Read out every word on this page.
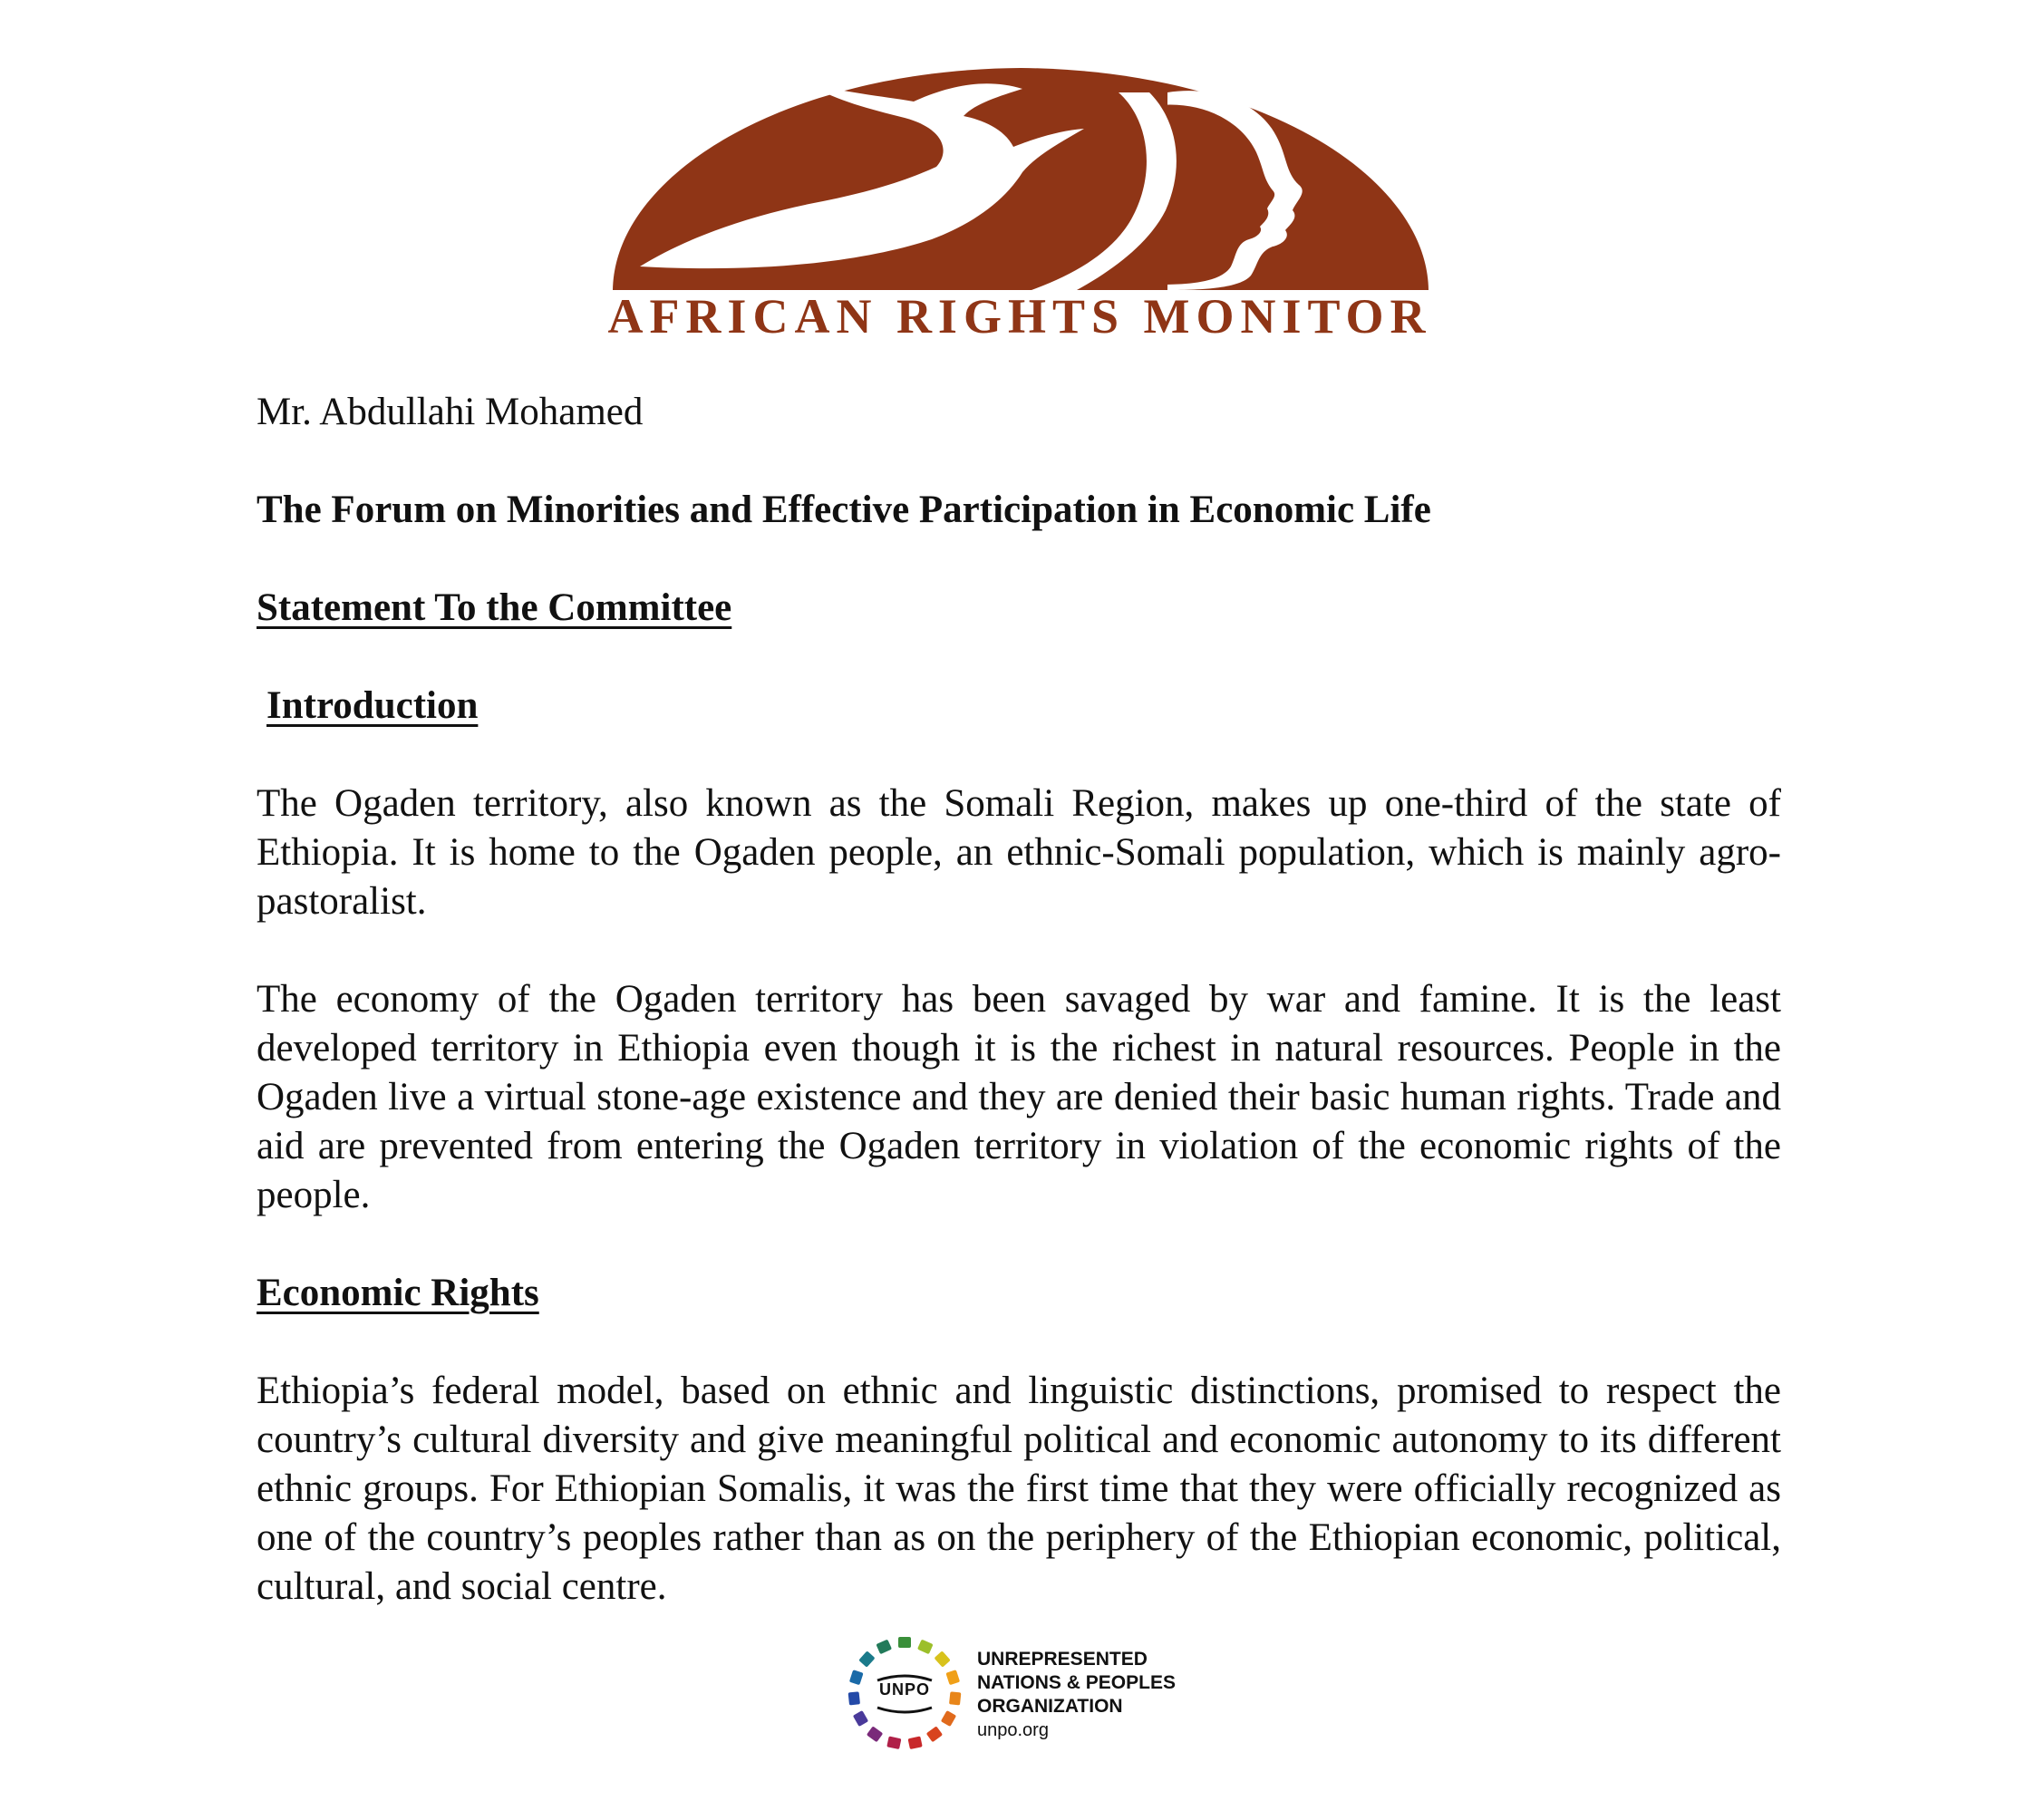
AFRICAN RIGHTS MONITOR
Mr. Abdullahi Mohamed
The Forum on Minorities and Effective Participation in Economic Life
Statement To the Committee
Introduction
The Ogaden territory, also known as the Somali Region, makes up one-third of the state of Ethiopia. It is home to the Ogaden people, an ethnic-Somali population, which is mainly agro-pastoralist.
The economy of the Ogaden territory has been savaged by war and famine. It is the least developed territory in Ethiopia even though it is the richest in natural resources. People in the Ogaden live a virtual stone-age existence and they are denied their basic human rights. Trade and aid are prevented from entering the Ogaden territory in violation of the economic rights of the people.
Economic Rights
Ethiopia’s federal model, based on ethnic and linguistic distinctions, promised to respect the country’s cultural diversity and give meaningful political and economic autonomy to its different ethnic groups. For Ethiopian Somalis, it was the first time that they were officially recognized as one of the country’s peoples rather than as on the periphery of the Ethiopian economic, political, cultural, and social centre.
UNPO
UNREPRESENTED
NATIONS & PEOPLES
ORGANIZATION
unpo.org
